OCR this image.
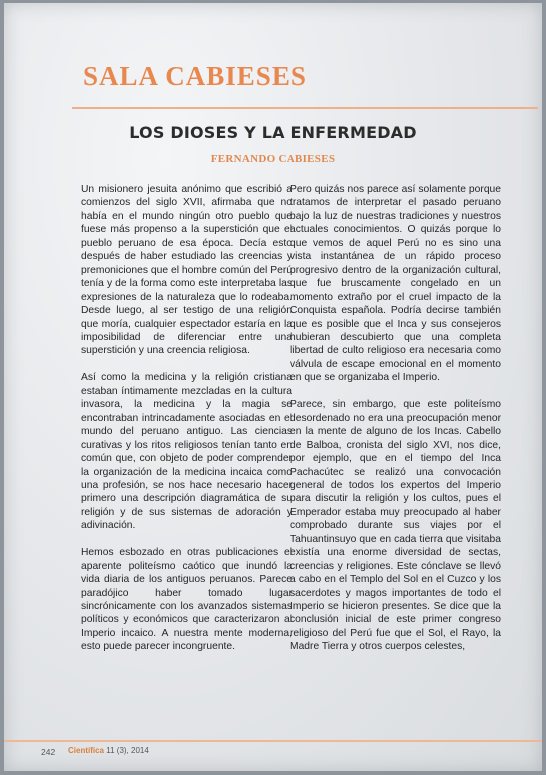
SALA CABIESES
LOS DIOSES Y LA ENFERMEDAD
FERNANDO CABIESES

Un misionero jesuita anónimo que escribió a comienzos del siglo XVII, afirmaba que no había en el mundo ningún otro pueblo que fuese más propenso a la superstición que el pueblo peruano de esa época. Decía esto después de haber estudiado las creencias y premoniciones que el hombre común del Perú tenía y de la forma como este interpretaba las expresiones de la naturaleza que lo rodeaba. Desde luego, al ser testigo de una religión que moría, cualquier espectador estaría en la imposibilidad de diferenciar entre una superstición y una creencia religiosa.

Así como la medicina y la religión cristiana estaban íntimamente mezcladas en la cultura invasora, la medicina y la magia se encontraban intrincadamente asociadas en el mundo del peruano antiguo. Las ciencias curativas y los ritos religiosos tenían tanto en común que, con objeto de poder comprender la organización de la medicina incaica como una profesión, se nos hace necesario hacer primero una descripción diagramática de su religión y de sus sistemas de adoración y adivinación.

Hemos esbozado en otras publicaciones el aparente politeísmo caótico que inundó la vida diaria de los antiguos peruanos. Parece paradójico haber tomado lugar sincrónicamente con los avanzados sistemas políticos y económicos que caracterizaron al Imperio incaico. A nuestra mente moderna, esto puede parecer incongruente.

Pero quizás nos parece así solamente porque tratamos de interpretar el pasado peruano bajo la luz de nuestras tradiciones y nuestros actuales conocimientos. O quizás porque lo que vemos de aquel Perú no es sino una vista instantánea de un rápido proceso progresivo dentro de la organización cultural, que fue bruscamente congelado en un momento extraño por el cruel impacto de la Conquista española. Podría decirse también que es posible que el Inca y sus consejeros hubieran descubierto que una completa libertad de culto religioso era necesaria como válvula de escape emocional en el momento en que se organizaba el Imperio.

Parece, sin embargo, que este politeísmo desordenado no era una preocupación menor en la mente de alguno de los Incas. Cabello de Balboa, cronista del siglo XVI, nos dice, por ejemplo, que en el tiempo del Inca Pachacútec se realizó una convocación general de todos los expertos del Imperio para discutir la religión y los cultos, pues el Emperador estaba muy preocupado al haber comprobado durante sus viajes por el Tahuantinsuyo que en cada tierra que visitaba existía una enorme diversidad de sectas, creencias y religiones. Este cónclave se llevó a cabo en el Templo del Sol en el Cuzco y los sacerdotes y magos importantes de todo el Imperio se hicieron presentes. Se dice que la conclusión inicial de este primer congreso religioso del Perú fue que el Sol, el Rayo, la Madre Tierra y otros cuerpos celestes,

242 Científica 11 (3), 2014
